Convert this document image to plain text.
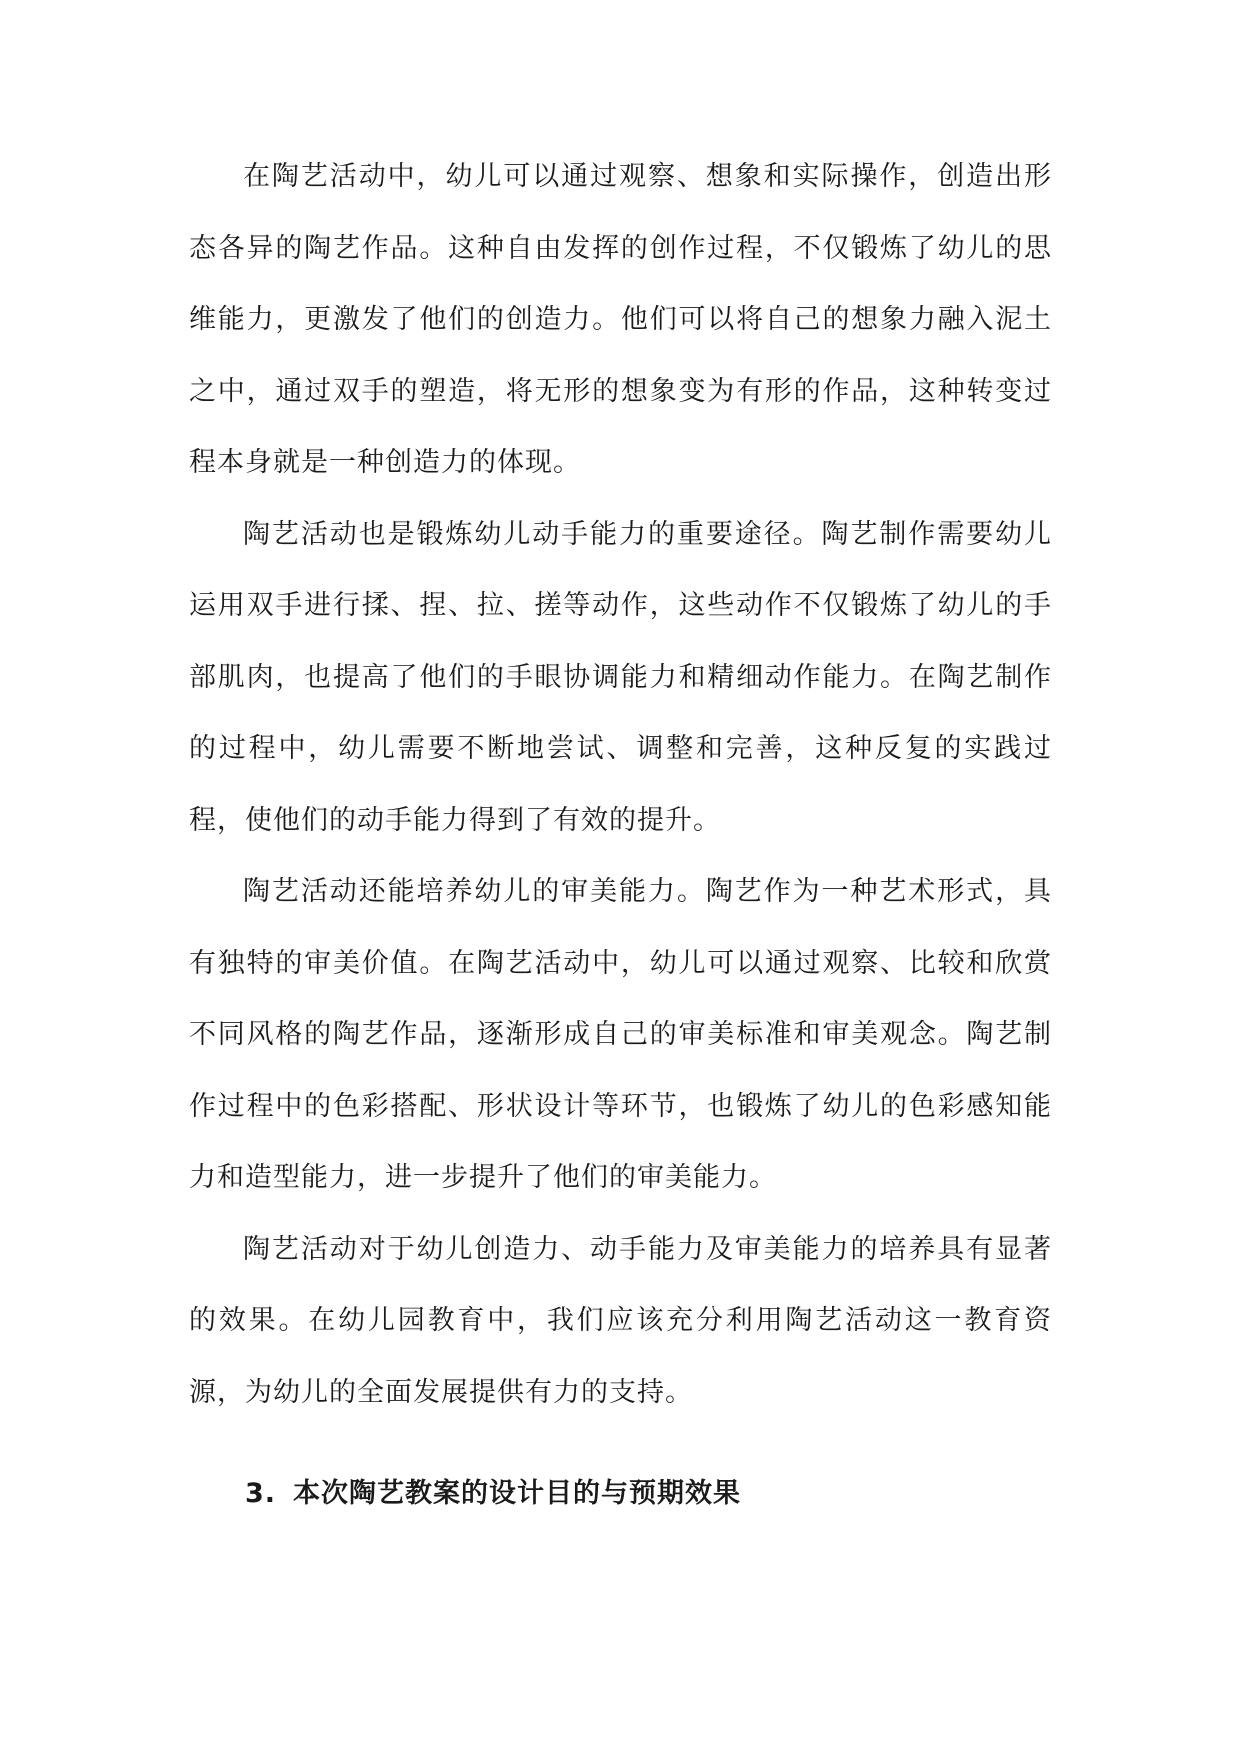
在陶艺活动中，幼儿可以通过观察、想象和实际操作，创造出形态各异的陶艺作品。这种自由发挥的创作过程，不仅锻炼了幼儿的思维能力，更激发了他们的创造力。他们可以将自己的想象力融入泥土之中，通过双手的塑造，将无形的想象变为有形的作品，这种转变过程本身就是一种创造力的体现。

陶艺活动也是锻炼幼儿动手能力的重要途径。陶艺制作需要幼儿运用双手进行揉、捏、拉、搓等动作，这些动作不仅锻炼了幼儿的手部肌肉，也提高了他们的手眼协调能力和精细动作能力。在陶艺制作的过程中，幼儿需要不断地尝试、调整和完善，这种反复的实践过程，使他们的动手能力得到了有效的提升。

陶艺活动还能培养幼儿的审美能力。陶艺作为一种艺术形式，具有独特的审美价值。在陶艺活动中，幼儿可以通过观察、比较和欣赏不同风格的陶艺作品，逐渐形成自己的审美标准和审美观念。陶艺制作过程中的色彩搭配、形状设计等环节，也锻炼了幼儿的色彩感知能力和造型能力，进一步提升了他们的审美能力。

陶艺活动对于幼儿创造力、动手能力及审美能力的培养具有显著的效果。在幼儿园教育中，我们应该充分利用陶艺活动这一教育资源，为幼儿的全面发展提供有力的支持。

3. 本次陶艺教案的设计目的与预期效果
